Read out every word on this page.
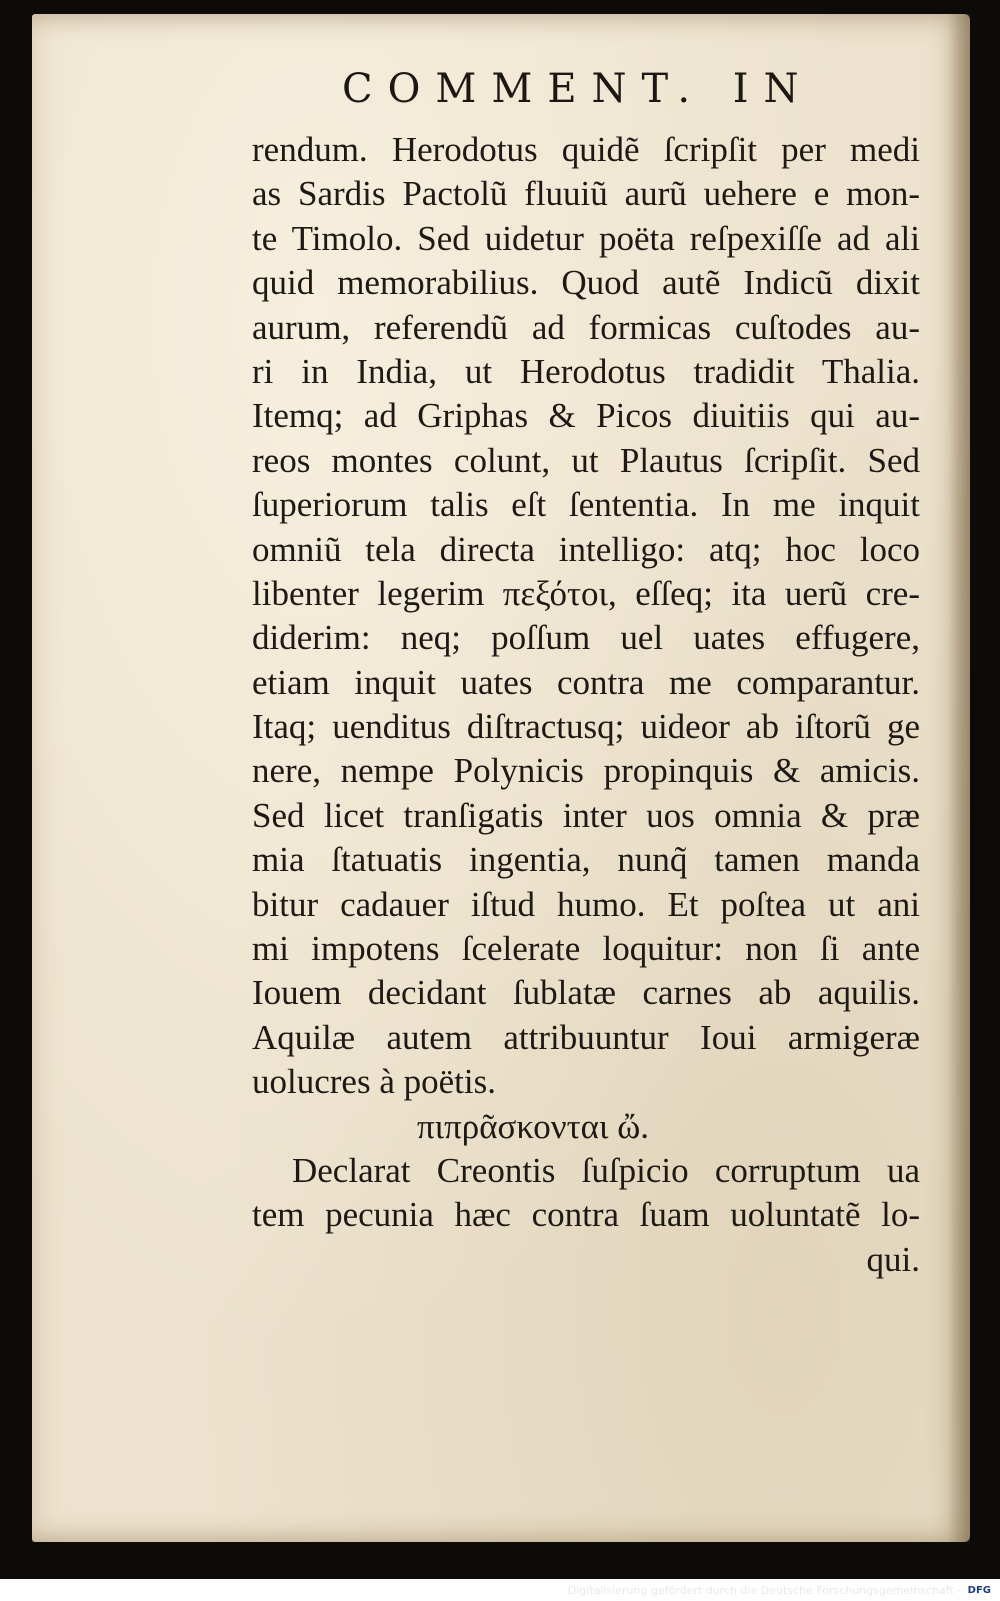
COMMENT. IN
rendum. Herodotus quidẽ ſcripſit per medi
as Sardis Pactolũ fluuiũ aurũ uehere e mon-
te Timolo. Sed uidetur poëta reſpexiſſe ad ali
quid memorabilius. Quod autẽ Indicũ dixit
aurum, referendũ ad formicas cuſtodes au-
ri in India, ut Herodotus tradidit Thalia.
Itemq; ad Griphas & Picos diuitiis qui au-
reos montes colunt, ut Plautus ſcripſit. Sed
ſuperiorum talis eſt ſententia. In me inquit
omniũ tela directa intelligo: atq; hoc loco
libenter legerim πεξότοι, eſſeq; ita uerũ cre-
diderim: neq; poſſum uel uates effugere,
etiam inquit uates contra me comparantur.
Itaq; uenditus diſtractusq; uideor ab iſtorũ ge
nere, nempe Polynicis propinquis & amicis.
Sed licet tranſigatis inter uos omnia & præ
mia ſtatuatis ingentia, nunq̃ tamen manda
bitur cadauer iſtud humo. Et poſtea ut ani
mi impotens ſcelerate loquitur: non ſi ante
Iouem decidant ſublatæ carnes ab aquilis.
Aquilæ autem attribuuntur Ioui armigeræ
uolucres à poëtis.
πιπρᾶσκονται ὤ.
Declarat Creontis ſuſpicio corruptum ua
tem pecunia hæc contra ſuam uoluntatẽ lo-
qui.
Digitalisierung gefördert durch die Deutsche Forschungsgemeinschaft · DFG
